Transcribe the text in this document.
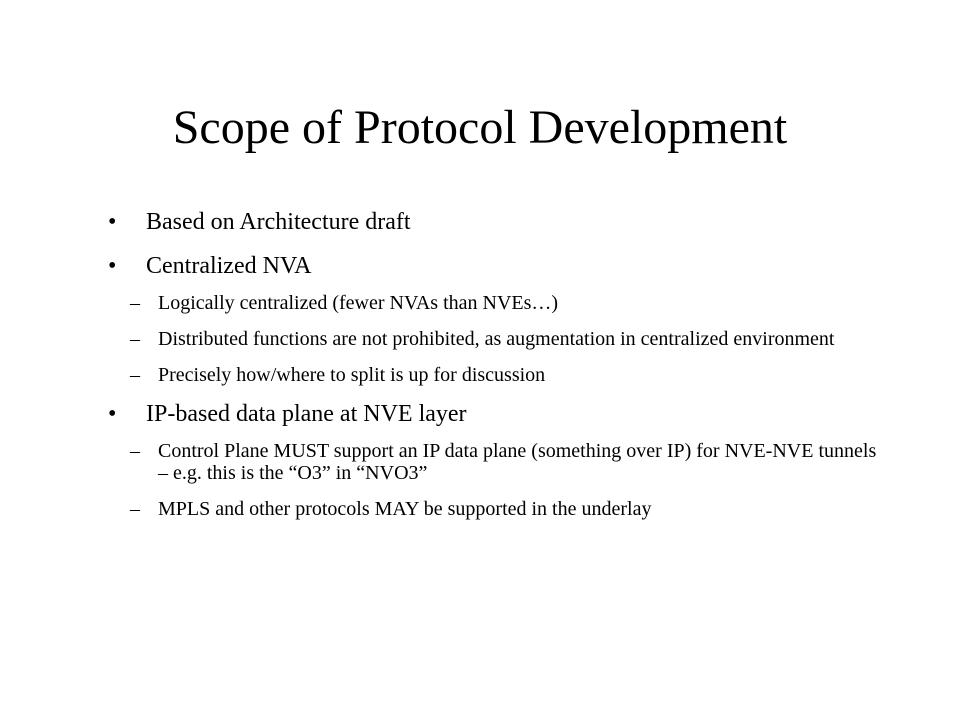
Scope of Protocol Development
• Based on Architecture draft
• Centralized NVA
– Logically centralized (fewer NVAs than NVEs…)
– Distributed functions are not prohibited, as augmentation in centralized environment
– Precisely how/where to split is up for discussion
• IP-based data plane at NVE layer
– Control Plane MUST support an IP data plane (something over IP) for NVE-NVE tunnels – e.g. this is the “O3” in “NVO3”
– MPLS and other protocols MAY be supported in the underlay
